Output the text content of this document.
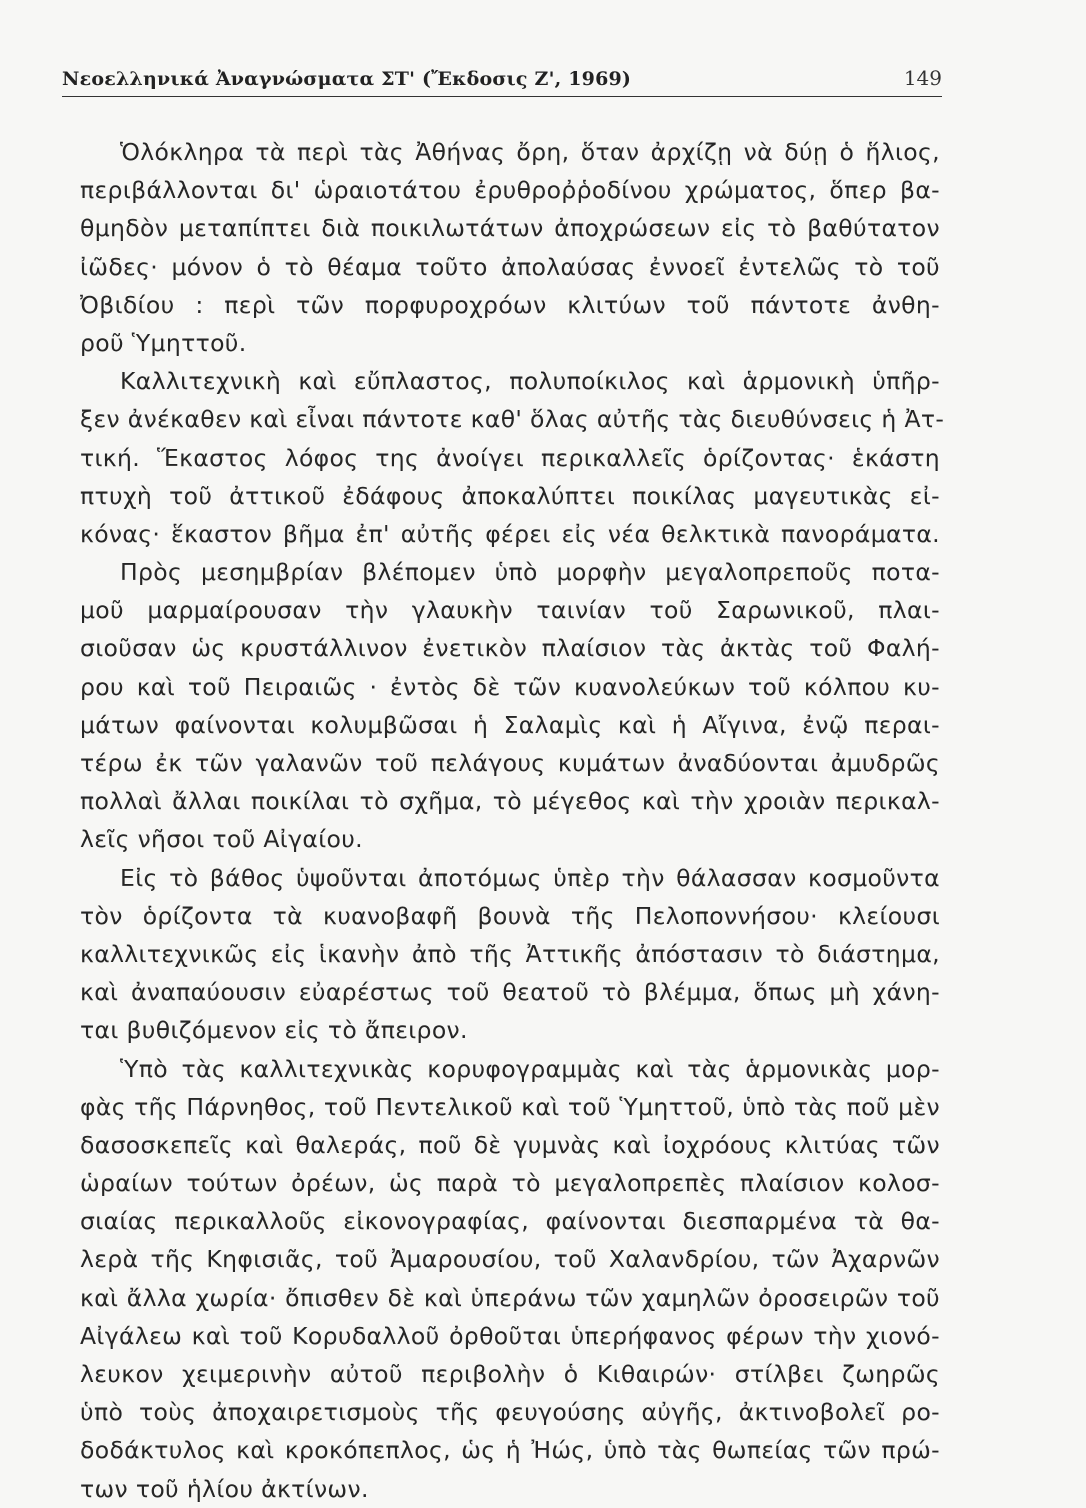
Νεοελληνικά Ἀναγνώσματα ΣΤ' (Ἔκδοσις Ζ', 1969)	149
Ὁλόκληρα τὰ περὶ τὰς Ἀθήνας ὄρη, ὅταν ἀρχίζῃ νὰ δύῃ ὁ ἥλιος,
περιβάλλονται δι' ὡραιοτάτου ἐρυθροῤῥοδίνου χρώματος, ὅπερ βα-
θμηδὸν μεταπίπτει διὰ ποικιλωτάτων ἀποχρώσεων εἰς τὸ βαθύτατον
ἰῶδες· μόνον ὁ τὸ θέαμα τοῦτο ἀπολαύσας ἐννοεῖ ἐντελῶς τὸ τοῦ
Ὀβιδίου : περὶ τῶν πορφυροχρόων κλιτύων τοῦ πάντοτε ἀνθη-
ροῦ Ὑμηττοῦ.
Καλλιτεχνικὴ καὶ εὔπλαστος, πολυποίκιλος καὶ ἁρμονικὴ ὑπῆρ-
ξεν ἀνέκαθεν καὶ εἶναι πάντοτε καθ' ὅλας αὐτῆς τὰς διευθύνσεις ἡ Ἀτ-
τική. Ἕκαστος λόφος της ἀνοίγει περικαλλεῖς ὁρίζοντας· ἑκάστη
πτυχὴ τοῦ ἀττικοῦ ἐδάφους ἀποκαλύπτει ποικίλας μαγευτικὰς εἰ-
κόνας· ἕκαστον βῆμα ἐπ' αὐτῆς φέρει εἰς νέα θελκτικὰ πανοράματα.
Πρὸς μεσημβρίαν βλέπομεν ὑπὸ μορφὴν μεγαλοπρεποῦς ποτα-
μοῦ μαρμαίρουσαν τὴν γλαυκὴν ταινίαν τοῦ Σαρωνικοῦ, πλαι-
σιοῦσαν ὡς κρυστάλλινον ἐνετικὸν πλαίσιον τὰς ἀκτὰς τοῦ Φαλή-
ρου καὶ τοῦ Πειραιῶς · ἐντὸς δὲ τῶν κυανολεύκων τοῦ κόλπου κυ-
μάτων φαίνονται κολυμβῶσαι ἡ Σαλαμὶς καὶ ἡ Αἴγινα, ἐνῷ περαι-
τέρω ἐκ τῶν γαλανῶν τοῦ πελάγους κυμάτων ἀναδύονται ἀμυδρῶς
πολλαὶ ἄλλαι ποικίλαι τὸ σχῆμα, τὸ μέγεθος καὶ τὴν χροιὰν περικαλ-
λεῖς νῆσοι τοῦ Αἰγαίου.
Εἰς τὸ βάθος ὑψοῦνται ἀποτόμως ὑπὲρ τὴν θάλασσαν κοσμοῦντα
τὸν ὁρίζοντα τὰ κυανοβαφῆ βουνὰ τῆς Πελοποννήσου· κλείουσι
καλλιτεχνικῶς εἰς ἱκανὴν ἀπὸ τῆς Ἀττικῆς ἀπόστασιν τὸ διάστημα,
καὶ ἀναπαύουσιν εὐαρέστως τοῦ θεατοῦ τὸ βλέμμα, ὅπως μὴ χάνη-
ται βυθιζόμενον εἰς τὸ ἄπειρον.
Ὑπὸ τὰς καλλιτεχνικὰς κορυφογραμμὰς καὶ τὰς ἁρμονικὰς μορ-
φὰς τῆς Πάρνηθος, τοῦ Πεντελικοῦ καὶ τοῦ Ὑμηττοῦ, ὑπὸ τὰς ποῦ μὲν
δασοσκεπεῖς καὶ θαλεράς, ποῦ δὲ γυμνὰς καὶ ἰοχρόους κλιτύας τῶν
ὡραίων τούτων ὀρέων, ὡς παρὰ τὸ μεγαλοπρεπὲς πλαίσιον κολοσ-
σιαίας περικαλλοῦς εἰκονογραφίας, φαίνονται διεσπαρμένα τὰ θα-
λερὰ τῆς Κηφισιᾶς, τοῦ Ἀμαρουσίου, τοῦ Χαλανδρίου, τῶν Ἀχαρνῶν
καὶ ἄλλα χωρία· ὄπισθεν δὲ καὶ ὑπεράνω τῶν χαμηλῶν ὀροσειρῶν τοῦ
Αἰγάλεω καὶ τοῦ Κορυδαλλοῦ ὀρθοῦται ὑπερήφανος φέρων τὴν χιονό-
λευκον χειμερινὴν αὐτοῦ περιβολὴν ὁ Κιθαιρών· στίλβει ζωηρῶς
ὑπὸ τοὺς ἀποχαιρετισμοὺς τῆς φευγούσης αὐγῆς, ἀκτινοβολεῖ ρο-
δοδάκτυλος καὶ κροκόπεπλος, ὡς ἡ Ἠώς, ὑπὸ τὰς θωπείας τῶν πρώ-
των τοῦ ἡλίου ἀκτίνων.
